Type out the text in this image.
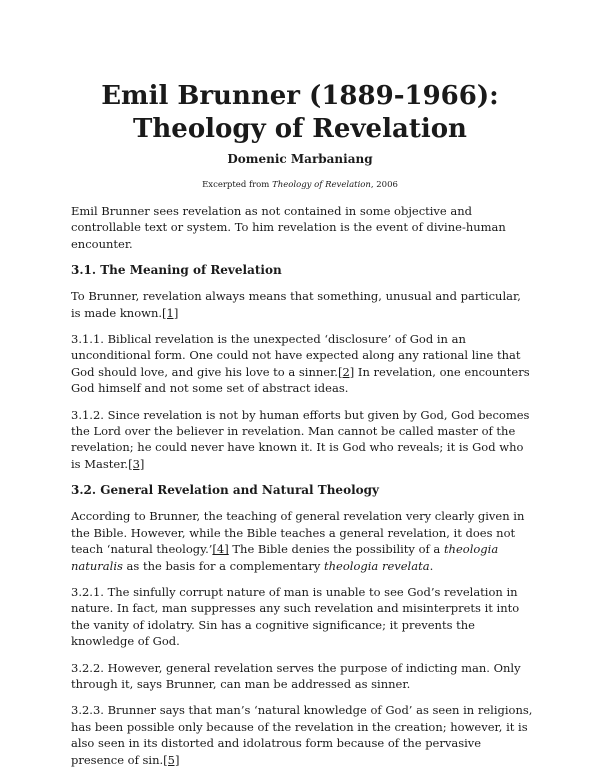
Emil Brunner (1889-1966): Theology of Revelation
Domenic Marbaniang
Excerpted from Theology of Revelation, 2006

Emil Brunner sees revelation as not contained in some objective and controllable text or system. To him revelation is the event of divine-human encounter.

3.1. The Meaning of Revelation

To Brunner, revelation always means that something, unusual and particular, is made known.[1]

3.1.1. Biblical revelation is the unexpected ‘disclosure’ of God in an unconditional form. One could not have expected along any rational line that God should love, and give his love to a sinner.[2] In revelation, one encounters God himself and not some set of abstract ideas.

3.1.2. Since revelation is not by human efforts but given by God, God becomes the Lord over the believer in revelation. Man cannot be called master of the revelation; he could never have known it. It is God who reveals; it is God who is Master.[3]

3.2. General Revelation and Natural Theology

According to Brunner, the teaching of general revelation very clearly given in the Bible. However, while the Bible teaches a general revelation, it does not teach ‘natural theology.’[4] The Bible denies the possibility of a theologia naturalis as the basis for a complementary theologia revelata.

3.2.1. The sinfully corrupt nature of man is unable to see God’s revelation in nature. In fact, man suppresses any such revelation and misinterprets it into the vanity of idolatry. Sin has a cognitive significance; it prevents the knowledge of God.

3.2.2. However, general revelation serves the purpose of indicting man. Only through it, says Brunner, can man be addressed as sinner.

3.2.3. Brunner says that man’s ‘natural knowledge of God’ as seen in religions, has been possible only because of the revelation in the creation; however, it is also seen in its distorted and idolatrous form because of the pervasive presence of sin.[5]
